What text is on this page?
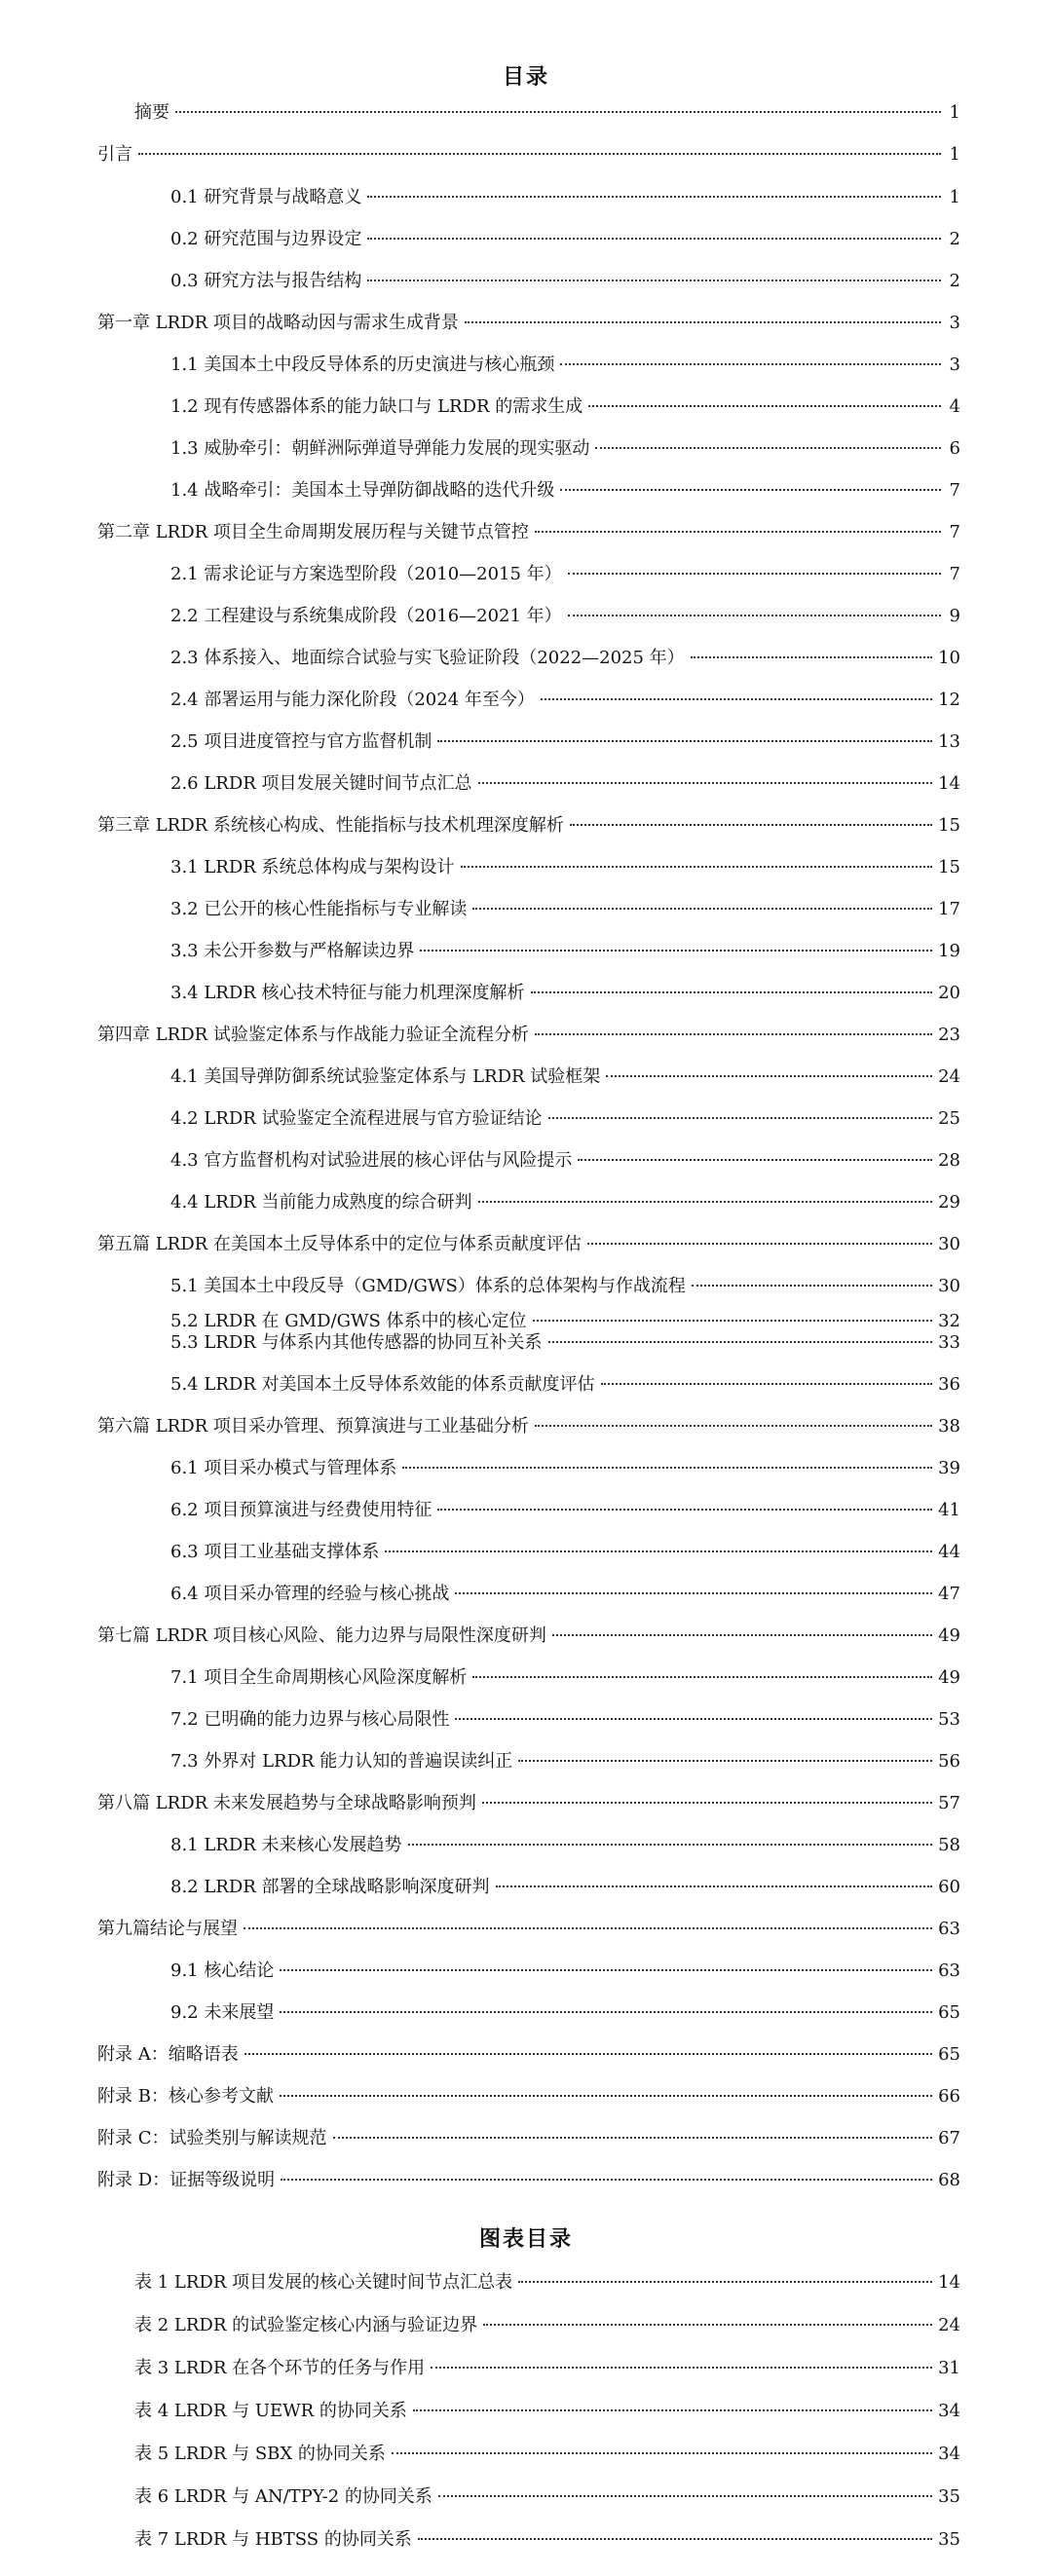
目录
摘要	1
引言	1
0.1 研究背景与战略意义	1
0.2 研究范围与边界设定	2
0.3 研究方法与报告结构	2
第一章 LRDR 项目的战略动因与需求生成背景	3
1.1 美国本土中段反导体系的历史演进与核心瓶颈	3
1.2 现有传感器体系的能力缺口与 LRDR 的需求生成	4
1.3 威胁牵引：朝鲜洲际弹道导弹能力发展的现实驱动	6
1.4 战略牵引：美国本土导弹防御战略的迭代升级	7
第二章 LRDR 项目全生命周期发展历程与关键节点管控	7
2.1 需求论证与方案选型阶段（2010—2015 年）	7
2.2 工程建设与系统集成阶段（2016—2021 年）	9
2.3 体系接入、地面综合试验与实飞验证阶段（2022—2025 年）	10
2.4 部署运用与能力深化阶段（2024 年至今）	12
2.5 项目进度管控与官方监督机制	13
2.6 LRDR 项目发展关键时间节点汇总	14
第三章 LRDR 系统核心构成、性能指标与技术机理深度解析	15
3.1 LRDR 系统总体构成与架构设计	15
3.2 已公开的核心性能指标与专业解读	17
3.3 未公开参数与严格解读边界	19
3.4 LRDR 核心技术特征与能力机理深度解析	20
第四章 LRDR 试验鉴定体系与作战能力验证全流程分析	23
4.1 美国导弹防御系统试验鉴定体系与 LRDR 试验框架	24
4.2 LRDR 试验鉴定全流程进展与官方验证结论	25
4.3 官方监督机构对试验进展的核心评估与风险提示	28
4.4 LRDR 当前能力成熟度的综合研判	29
第五篇 LRDR 在美国本土反导体系中的定位与体系贡献度评估	30
5.1 美国本土中段反导（GMD/GWS）体系的总体架构与作战流程	30
5.2 LRDR 在 GMD/GWS 体系中的核心定位	32
5.3 LRDR 与体系内其他传感器的协同互补关系	33
5.4 LRDR 对美国本土反导体系效能的体系贡献度评估	36
第六篇 LRDR 项目采办管理、预算演进与工业基础分析	38
6.1 项目采办模式与管理体系	39
6.2 项目预算演进与经费使用特征	41
6.3 项目工业基础支撑体系	44
6.4 项目采办管理的经验与核心挑战	47
第七篇 LRDR 项目核心风险、能力边界与局限性深度研判	49
7.1 项目全生命周期核心风险深度解析	49
7.2 已明确的能力边界与核心局限性	53
7.3 外界对 LRDR 能力认知的普遍误读纠正	56
第八篇 LRDR 未来发展趋势与全球战略影响预判	57
8.1 LRDR 未来核心发展趋势	58
8.2 LRDR 部署的全球战略影响深度研判	60
第九篇结论与展望	63
9.1 核心结论	63
9.2 未来展望	65
附录 A：缩略语表	65
附录 B：核心参考文献	66
附录 C：试验类别与解读规范	67
附录 D：证据等级说明	68
图表目录
表 1 LRDR 项目发展的核心关键时间节点汇总表	14
表 2 LRDR 的试验鉴定核心内涵与验证边界	24
表 3 LRDR 在各个环节的任务与作用	31
表 4 LRDR 与 UEWR 的协同关系	34
表 5 LRDR 与 SBX 的协同关系	34
表 6 LRDR 与 AN/TPY-2 的协同关系	35
表 7 LRDR 与 HBTSS 的协同关系	35
